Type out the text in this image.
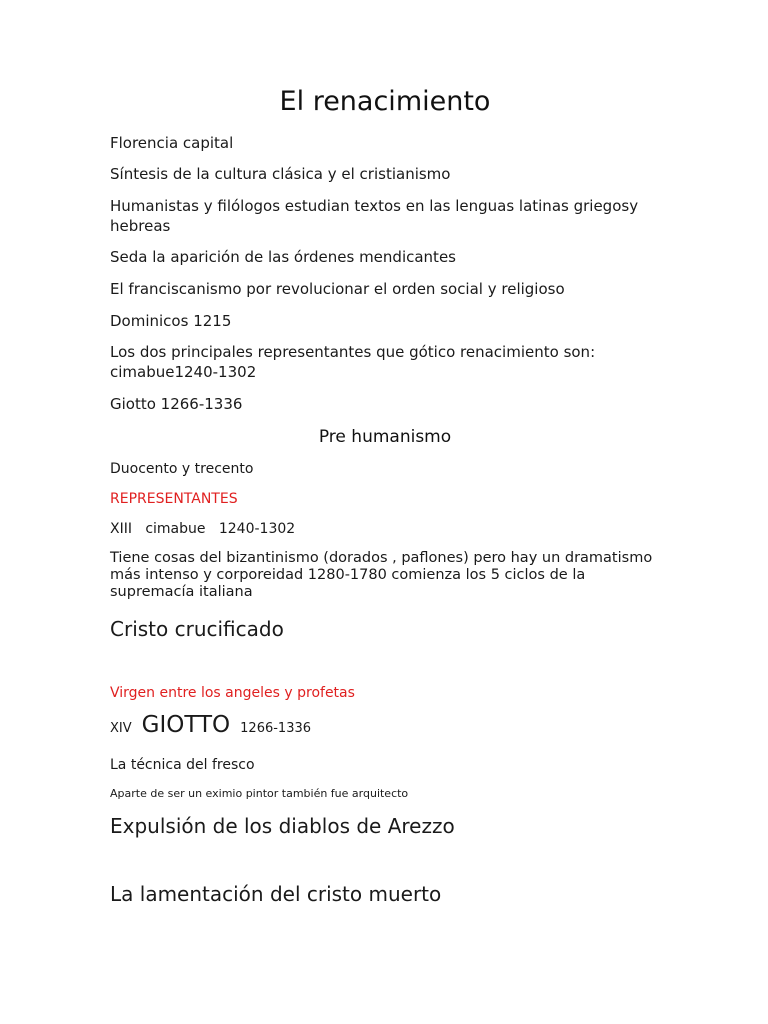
El renacimiento

Florencia capital

Síntesis de la cultura clásica y el cristianismo

Humanistas y filólogos estudian textos en las lenguas latinas griegosy hebreas

Seda la aparición de las órdenes mendicantes

El franciscanismo por revolucionar el orden social y religioso

Dominicos 1215

Los dos principales representantes que gótico renacimiento son: cimabue1240-1302

Giotto 1266-1336

Pre humanismo

Duocento y trecento

REPRESENTANTES

XIII   cimabue   1240-1302

Tiene cosas del bizantinismo (dorados , paflones) pero hay un dramatismo más intenso y corporeidad 1280-1780 comienza los 5 ciclos de la supremacía italiana

Cristo crucificado

Virgen entre los angeles y profetas

XIV GIOTTO 1266-1336

La técnica del fresco

Aparte de ser un eximio pintor también fue arquitecto

Expulsión de los diablos de Arezzo

La lamentación del cristo muerto
